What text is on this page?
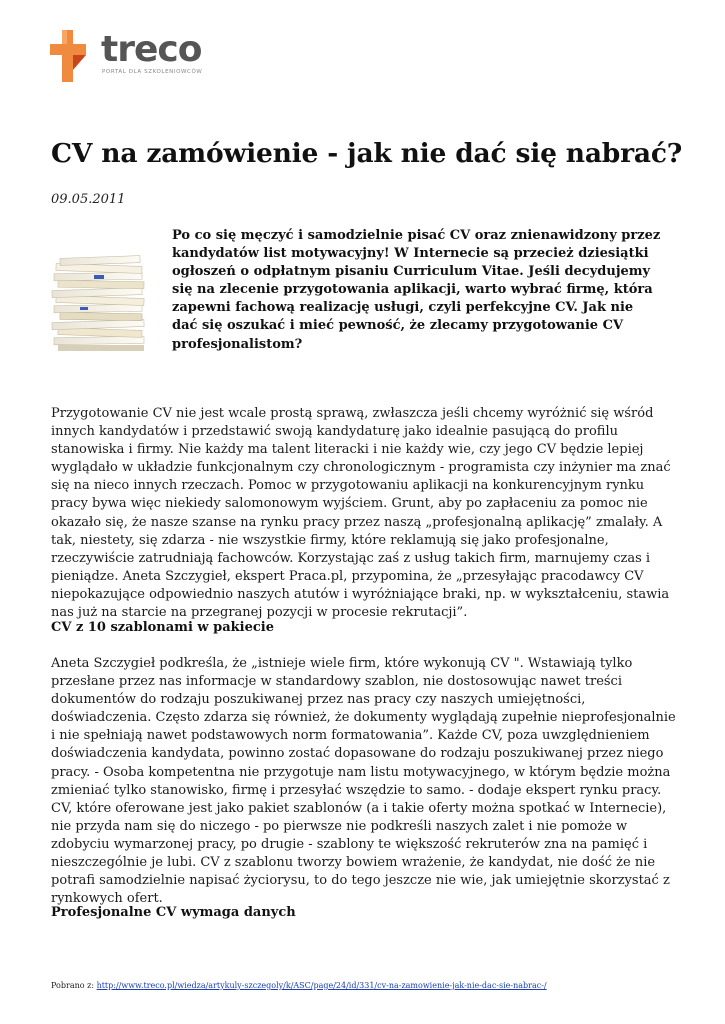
treco
PORTAL DLA SZKOLENIOWCÓW
CV na zamówienie - jak nie dać się nabrać?
09.05.2011

Po co się męczyć i samodzielnie pisać CV oraz znienawidzony przez kandydatów list motywacyjny! W Internecie są przecież dziesiątki ogłoszeń o odpłatnym pisaniu Curriculum Vitae. Jeśli decydujemy się na zlecenie przygotowania aplikacji, warto wybrać firmę, która zapewni fachową realizację usługi, czyli perfekcyjne CV. Jak nie dać się oszukać i mieć pewność, że zlecamy przygotowanie CV profesjonalistom?

Przygotowanie CV nie jest wcale prostą sprawą, zwłaszcza jeśli chcemy wyróżnić się wśród innych kandydatów i przedstawić swoją kandydaturę jako idealnie pasującą do profilu stanowiska i firmy. Nie każdy ma talent literacki i nie każdy wie, czy jego CV będzie lepiej wyglądało w układzie funkcjonalnym czy chronologicznym - programista czy inżynier ma znać się na nieco innych rzeczach. Pomoc w przygotowaniu aplikacji na konkurencyjnym rynku pracy bywa więc niekiedy salomonowym wyjściem. Grunt, aby po zapłaceniu za pomoc nie okazało się, że nasze szanse na rynku pracy przez naszą „profesjonalną aplikację” zmalały. A tak, niestety, się zdarza - nie wszystkie firmy, które reklamują się jako profesjonalne, rzeczywiście zatrudniają fachowców. Korzystając zaś z usług takich firm, marnujemy czas i pieniądze. Aneta Szczygieł, ekspert Praca.pl, przypomina, że „przesyłając pracodawcy CV niepokazujące odpowiednio naszych atutów i wyróżniające braki, np. w wykształceniu, stawia nas już na starcie na przegranej pozycji w procesie rekrutacji”.

CV z 10 szablonami w pakiecie

Aneta Szczygieł podkreśla, że „istnieje wiele firm, które wykonują CV ". Wstawiają tylko przesłane przez nas informacje w standardowy szablon, nie dostosowując nawet treści dokumentów do rodzaju poszukiwanej przez nas pracy czy naszych umiejętności, doświadczenia. Często zdarza się również, że dokumenty wyglądają zupełnie nieprofesjonalnie i nie spełniają nawet podstawowych norm formatowania”. Każde CV, poza uwzględnieniem doświadczenia kandydata, powinno zostać dopasowane do rodzaju poszukiwanej przez niego pracy. - Osoba kompetentna nie przygotuje nam listu motywacyjnego, w którym będzie można zmieniać tylko stanowisko, firmę i przesyłać wszędzie to samo. - dodaje ekspert rynku pracy. CV, które oferowane jest jako pakiet szablonów (a i takie oferty można spotkać w Internecie), nie przyda nam się do niczego - po pierwsze nie podkreśli naszych zalet i nie pomoże w zdobyciu wymarzonej pracy, po drugie - szablony te większość rekruterów zna na pamięć i nieszczególnie je lubi. CV z szablonu tworzy bowiem wrażenie, że kandydat, nie dość że nie potrafi samodzielnie napisać życiorysu, to do tego jeszcze nie wie, jak umiejętnie skorzystać z rynkowych ofert.

Profesjonalne CV wymaga danych

Pobrano z: http://www.treco.pl/wiedza/artykuly-szczegoly/k/ASC/page/24/id/331/cv-na-zamowienie-jak-nie-dac-sie-nabrac-/
